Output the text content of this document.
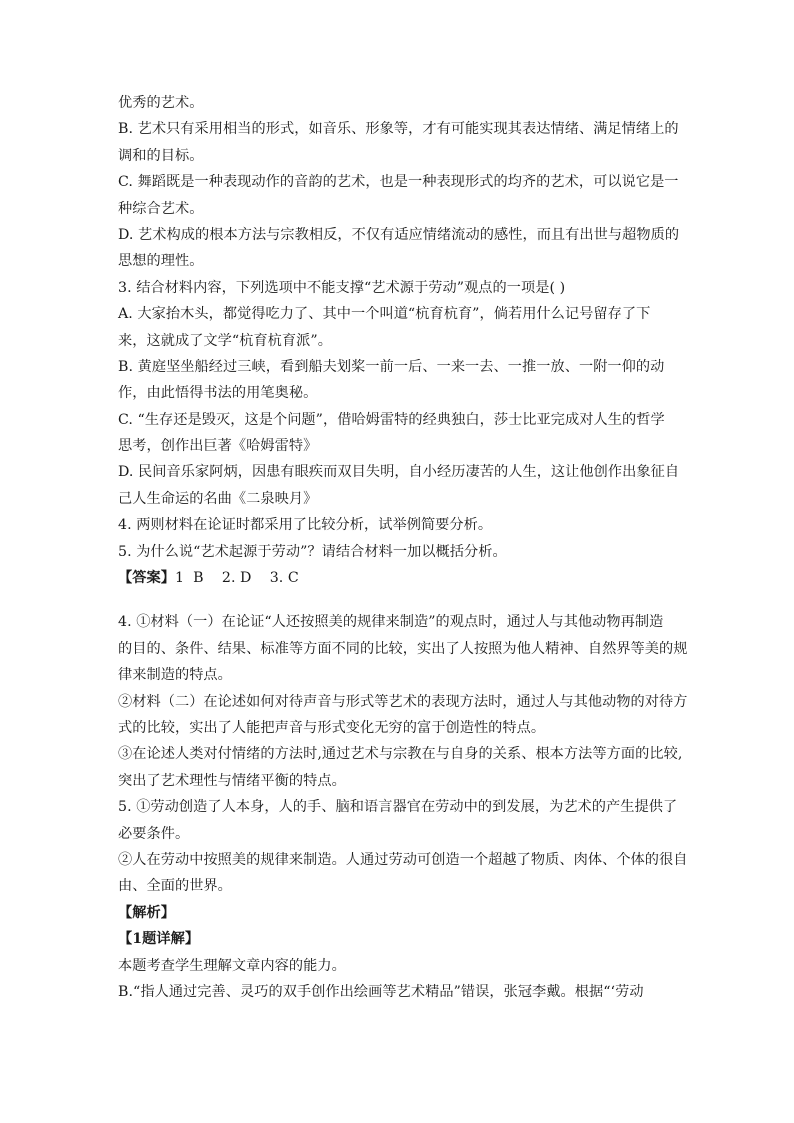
优秀的艺术。
B. 艺术只有采用相当的形式，如音乐、形象等，才有可能实现其表达情绪、满足情绪上的
调和的目标。
C. 舞蹈既是一种表现动作的音韵的艺术，也是一种表现形式的均齐的艺术，可以说它是一
种综合艺术。
D. 艺术构成的根本方法与宗教相反，不仅有适应情绪流动的感性，而且有出世与超物质的
思想的理性。
3. 结合材料内容，下列选项中不能支撑“艺术源于劳动”观点的一项是( )
A. 大家抬木头，都觉得吃力了、其中一个叫道“杭育杭育”，倘若用什么记号留存了下
来，这就成了文学“杭育杭育派”。
B. 黄庭坚坐船经过三峡，看到船夫划桨一前一后、一来一去、一推一放、一附一仰的动
作，由此悟得书法的用笔奥秘。
C. “生存还是毁灭，这是个问题”，借哈姆雷特的经典独白，莎士比亚完成对人生的哲学
思考，创作出巨著《哈姆雷特》
D. 民间音乐家阿炳，因患有眼疾而双目失明，自小经历凄苦的人生，这让他创作出象征自
己人生命运的名曲《二泉映月》
4. 两则材料在论证时都采用了比较分析，试举例简要分析。
5. 为什么说“艺术起源于劳动”？请结合材料一加以概括分析。
【答案】1  B    2. D    3. C
4. ①材料（一）在论证“人还按照美的规律来制造”的观点时，通过人与其他动物再制造
的目的、条件、结果、标准等方面不同的比较，实出了人按照为他人精神、自然界等美的规
律来制造的特点。
②材料（二）在论述如何对待声音与形式等艺术的表现方法时，通过人与其他动物的对待方
式的比较，实出了人能把声音与形式变化无穷的富于创造性的特点。
③在论述人类对付情绪的方法时,通过艺术与宗教在与自身的关系、根本方法等方面的比较,
突出了艺术理性与情绪平衡的特点。
5. ①劳动创造了人本身，人的手、脑和语言器官在劳动中的到发展，为艺术的产生提供了
必要条件。
②人在劳动中按照美的规律来制造。人通过劳动可创造一个超越了物质、肉体、个体的很自
由、全面的世界。
【解析】
【1题详解】
本题考查学生理解文章内容的能力。
B.“指人通过完善、灵巧的双手创作出绘画等艺术精品”错误，张冠李戴。根据“‘劳动
